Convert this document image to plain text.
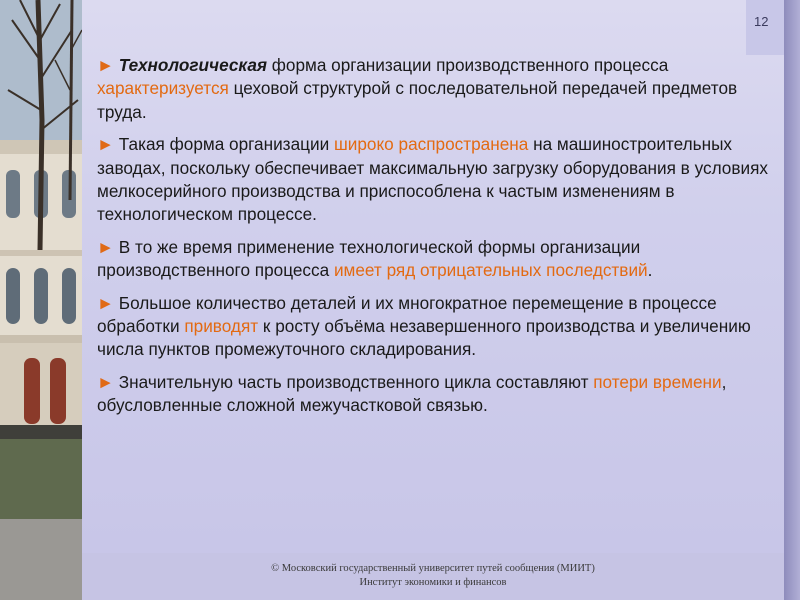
12

► Технологическая форма организации производственного процесса характеризуется цеховой структурой с последовательной передачей предметов труда.

► Такая форма организации широко распространена на машиностроительных заводах, поскольку обеспечивает максимальную загрузку оборудования в условиях мелкосерийного производства и приспособлена к частым изменениям в технологическом процессе.

► В то же время применение технологической формы организации производственного процесса имеет ряд отрицательных последствий.

► Большое количество деталей и их многократное перемещение в процессе обработки приводят к росту объёма незавершенного производства и увеличению числа пунктов промежуточного складирования.

► Значительную часть производственного цикла составляют потери времени, обусловленные сложной межучастковой связью.

© Московский государственный университет путей сообщения (МИИТ)
Институт экономики и финансов
